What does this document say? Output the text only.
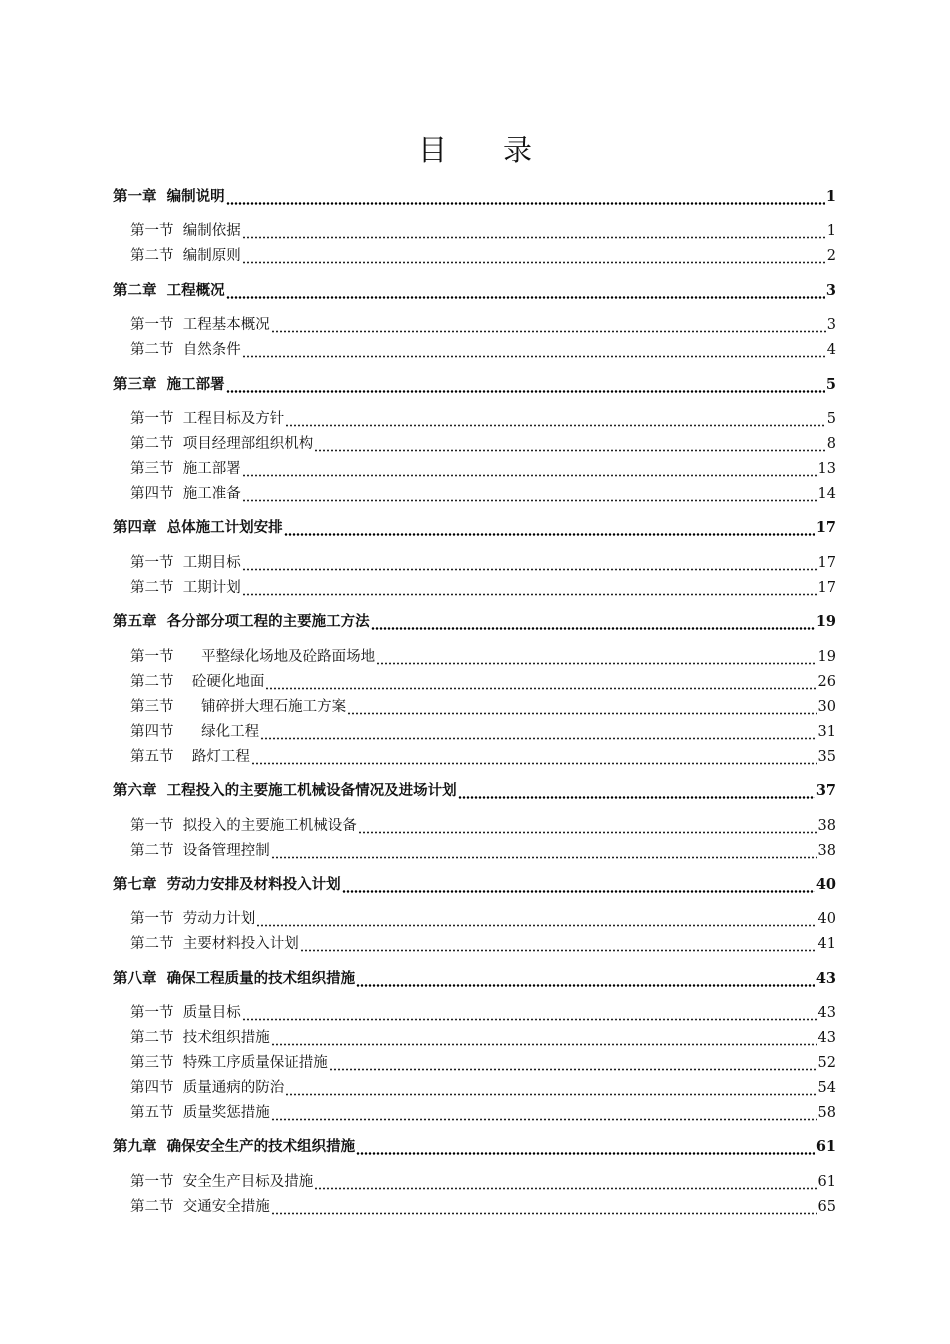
目 录
第一章  编制说明	1
第一节  编制依据	1
第二节  编制原则	2
第二章  工程概况	3
第一节  工程基本概况	3
第二节  自然条件	4
第三章  施工部署	5
第一节  工程目标及方针	5
第二节  项目经理部组织机构	8
第三节  施工部署	13
第四节  施工准备	14
第四章  总体施工计划安排	17
第一节  工期目标	17
第二节  工期计划	17
第五章  各分部分项工程的主要施工方法	19
第一节      平整绿化场地及砼路面场地	19
第二节    砼硬化地面	26
第三节      铺碎拼大理石施工方案	30
第四节      绿化工程	31
第五节    路灯工程	35
第六章  工程投入的主要施工机械设备情况及进场计划	37
第一节  拟投入的主要施工机械设备	38
第二节  设备管理控制	38
第七章  劳动力安排及材料投入计划	40
第一节  劳动力计划	40
第二节  主要材料投入计划	41
第八章  确保工程质量的技术组织措施	43
第一节  质量目标	43
第二节  技术组织措施	43
第三节  特殊工序质量保证措施	52
第四节  质量通病的防治	54
第五节  质量奖惩措施	58
第九章  确保安全生产的技术组织措施	61
第一节  安全生产目标及措施	61
第二节  交通安全措施	65
